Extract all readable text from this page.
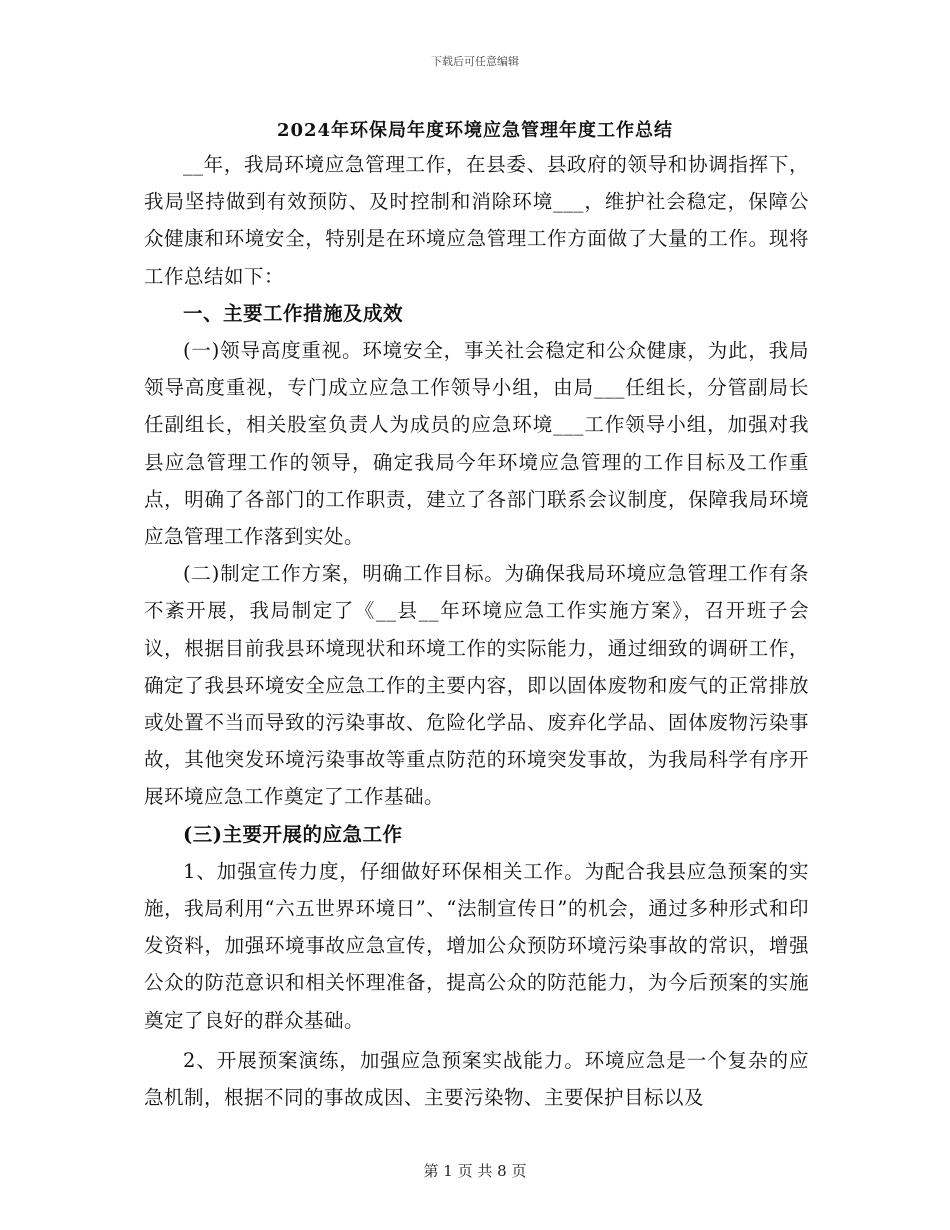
下载后可任意编辑
2024年环保局年度环境应急管理年度工作总结

__年，我局环境应急管理工作，在县委、县政府的领导和协调指挥下，我局坚持做到有效预防、及时控制和消除环境___，维护社会稳定，保障公众健康和环境安全，特别是在环境应急管理工作方面做了大量的工作。现将工作总结如下：

一、主要工作措施及成效

(一)领导高度重视。环境安全，事关社会稳定和公众健康，为此，我局领导高度重视，专门成立应急工作领导小组，由局___任组长，分管副局长任副组长，相关股室负责人为成员的应急环境___工作领导小组，加强对我县应急管理工作的领导，确定我局今年环境应急管理的工作目标及工作重点，明确了各部门的工作职责，建立了各部门联系会议制度，保障我局环境应急管理工作落到实处。

(二)制定工作方案，明确工作目标。为确保我局环境应急管理工作有条不紊开展，我局制定了《__县__年环境应急工作实施方案》，召开班子会议，根据目前我县环境现状和环境工作的实际能力，通过细致的调研工作，确定了我县环境安全应急工作的主要内容，即以固体废物和废气的正常排放或处置不当而导致的污染事故、危险化学品、废弃化学品、固体废物污染事故，其他突发环境污染事故等重点防范的环境突发事故，为我局科学有序开展环境应急工作奠定了工作基础。

(三)主要开展的应急工作

1、加强宣传力度，仔细做好环保相关工作。为配合我县应急预案的实施，我局利用“六五世界环境日”、“法制宣传日”的机会，通过多种形式和印发资料，加强环境事故应急宣传，增加公众预防环境污染事故的常识，增强公众的防范意识和相关怀理准备，提高公众的防范能力，为今后预案的实施奠定了良好的群众基础。

2、开展预案演练，加强应急预案实战能力。环境应急是一个复杂的应急机制，根据不同的事故成因、主要污染物、主要保护目标以及

第 1 页 共 8 页
